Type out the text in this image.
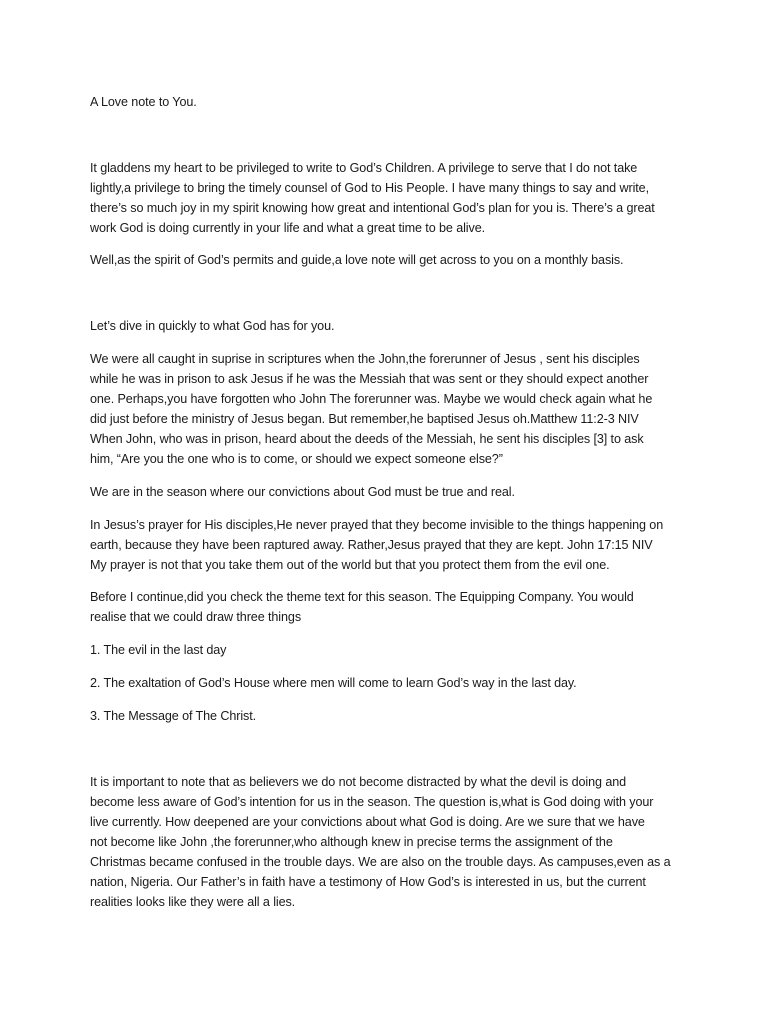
A Love note to You.

It gladdens my heart to be privileged to write to God’s Children. A privilege to serve that I do not take
lightly,a privilege to bring the timely counsel of God to His People. I have many things to say and write,
there’s so much joy in my spirit knowing how great and intentional God’s plan for you is. There’s a great
work God is doing currently in your life and what a great time to be alive.

Well,as the spirit of God’s permits and guide,a love note will get across to you on a monthly basis.

Let’s dive in quickly to what God has for you.

We were all caught in suprise in scriptures when the John,the forerunner of Jesus , sent his disciples
while he was in prison to ask Jesus if he was the Messiah that was sent or they should expect another
one. Perhaps,you have forgotten who John The forerunner was. Maybe we would check again what he
did just before the ministry of Jesus began. But remember,he baptised Jesus oh.Matthew 11:2-3 NIV
When John, who was in prison, heard about the deeds of the Messiah, he sent his disciples [3] to ask
him, “Are you the one who is to come, or should we expect someone else?”

We are in the season where our convictions about God must be true and real.

In Jesus’s prayer for His disciples,He never prayed that they become invisible to the things happening on
earth, because they have been raptured away. Rather,Jesus prayed that they are kept. John 17:15 NIV
My prayer is not that you take them out of the world but that you protect them from the evil one.

Before I continue,did you check the theme text for this season. The Equipping Company. You would
realise that we could draw three things

1. The evil in the last day

2. The exaltation of God’s House where men will come to learn God’s way in the last day.

3. The Message of The Christ.

It is important to note that as believers we do not become distracted by what the devil is doing and
become less aware of God’s intention for us in the season. The question is,what is God doing with your
live currently. How deepened are your convictions about what God is doing. Are we sure that we have
not become like John ,the forerunner,who although knew in precise terms the assignment of the
Christmas became confused in the trouble days. We are also on the trouble days. As campuses,even as a
nation, Nigeria. Our Father’s in faith have a testimony of How God’s is interested in us, but the current
realities looks like they were all a lies.
